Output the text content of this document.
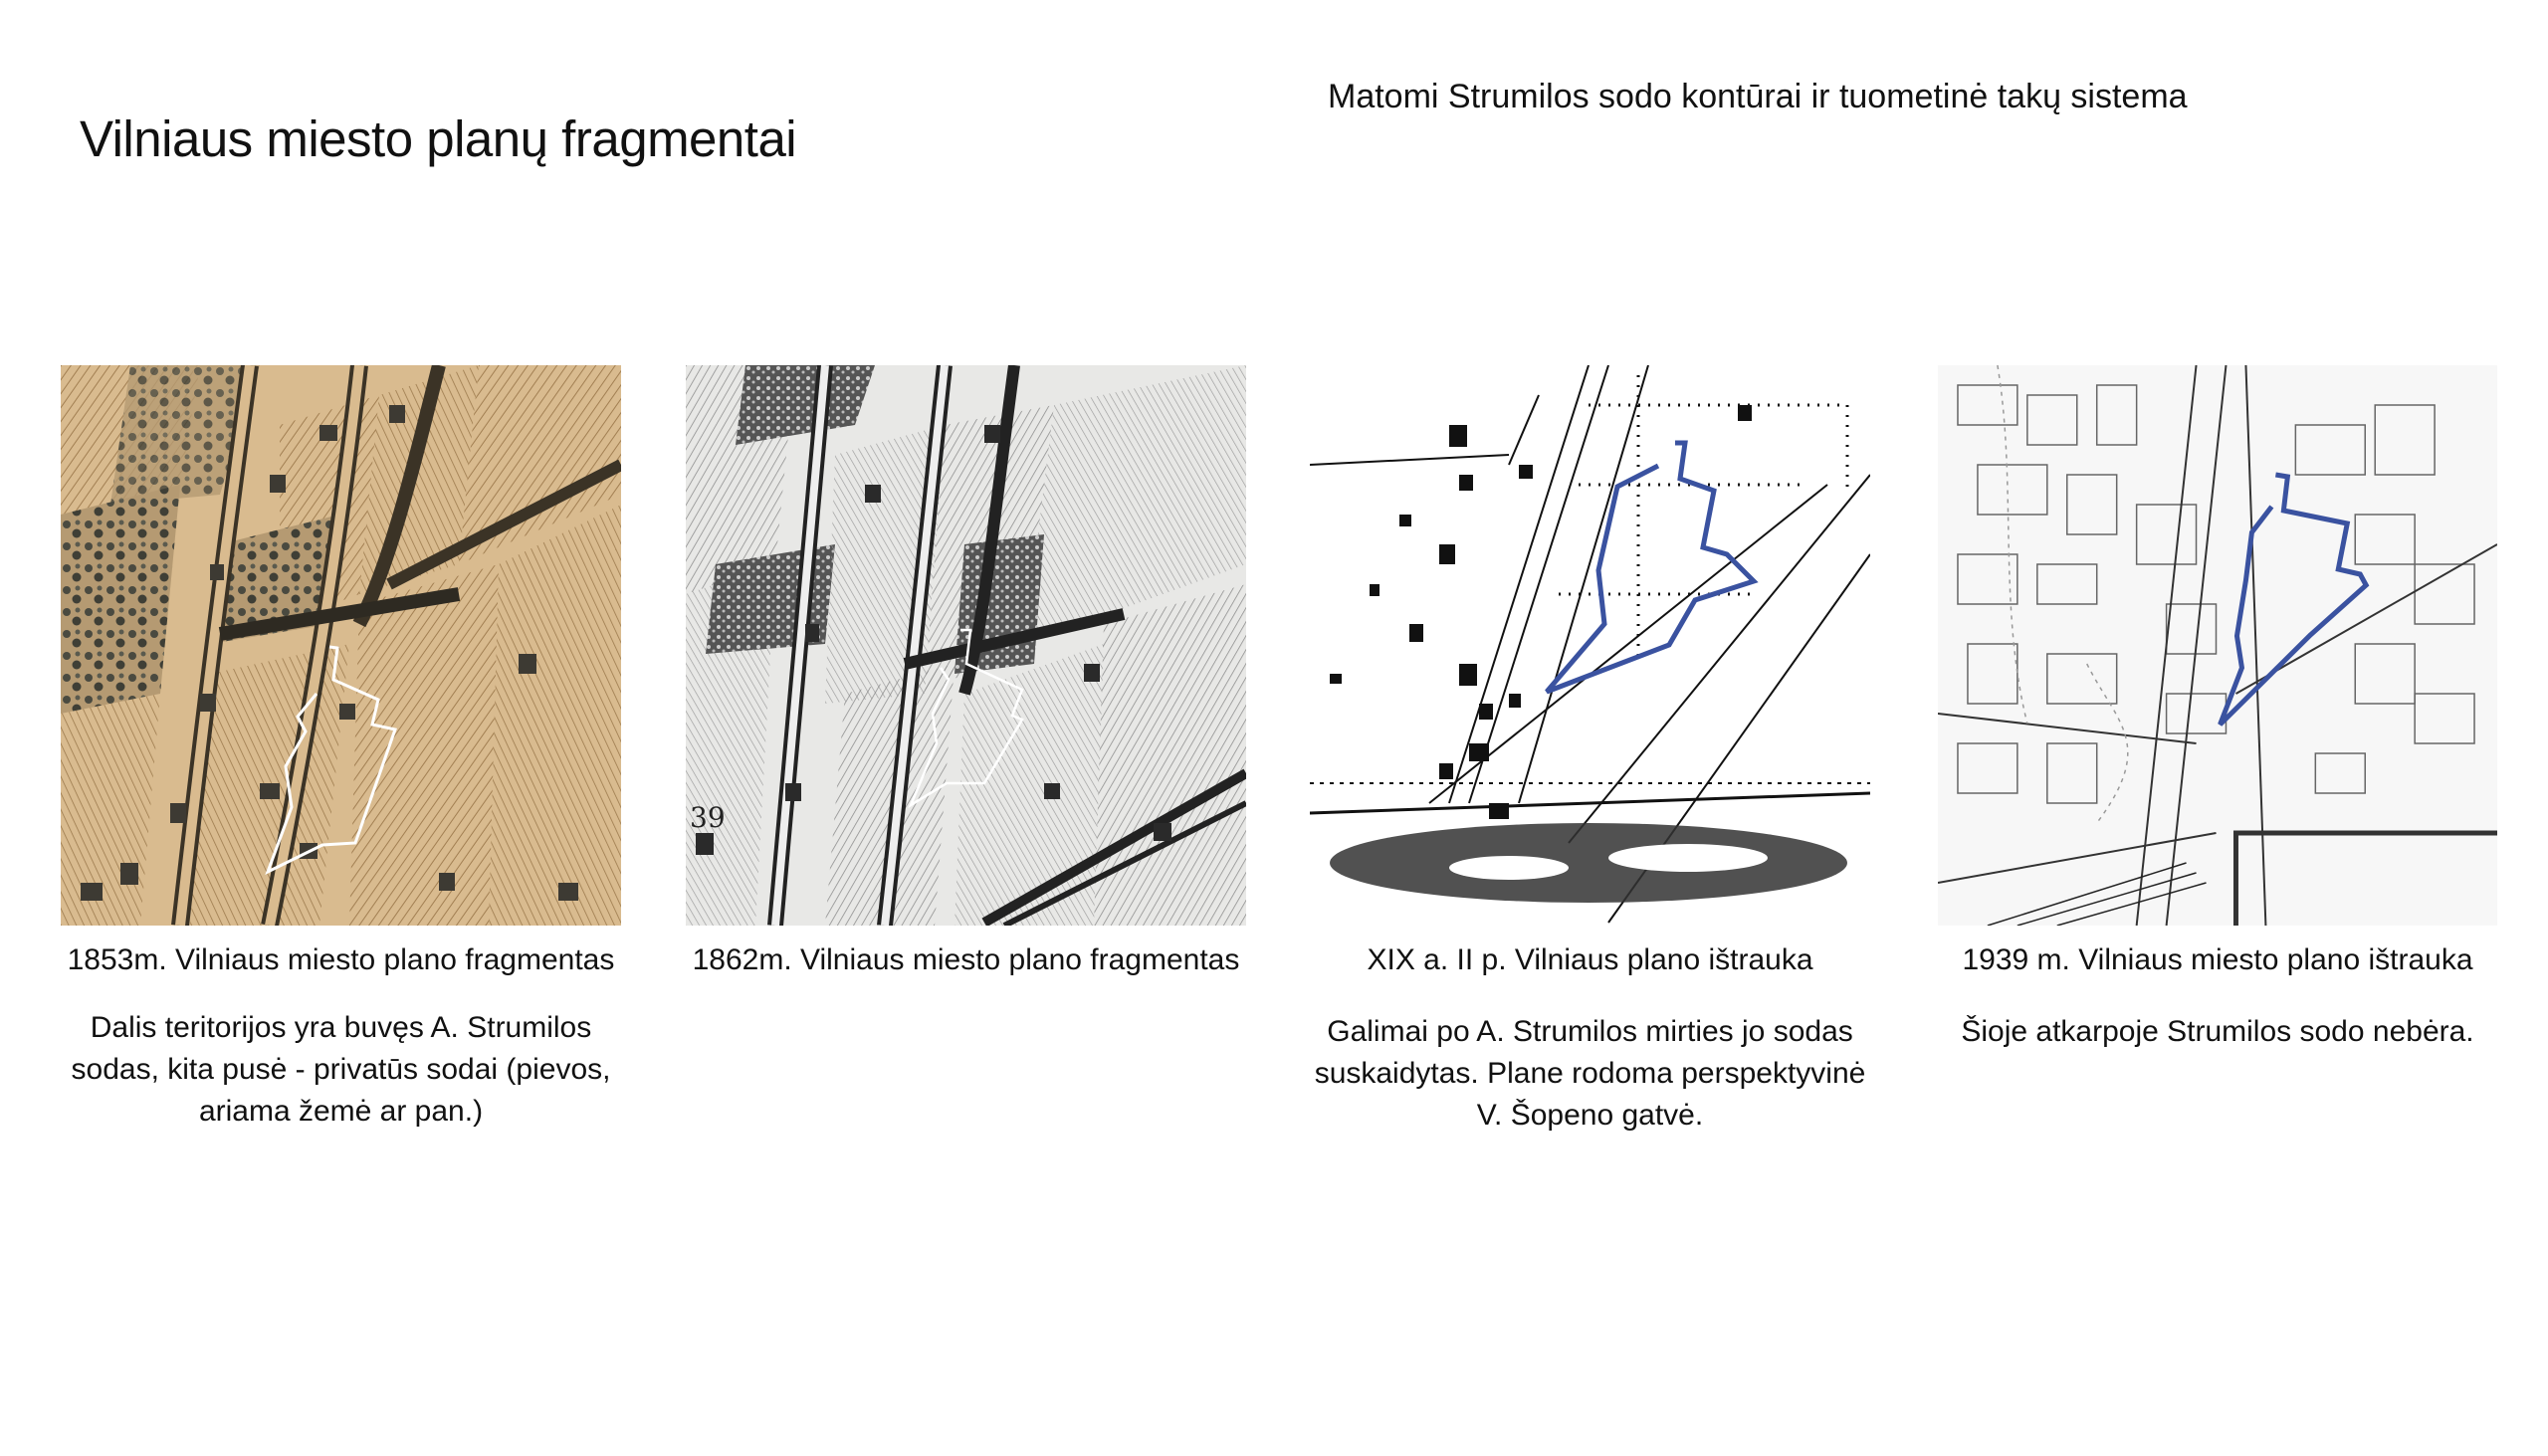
Vilniaus miesto planų fragmentai
Matomi Strumilos sodo kontūrai ir tuometinė takų sistema
1853m. Vilniaus miesto plano fragmentas
Dalis teritorijos yra buvęs A. Strumilos sodas, kita pusė - privatūs sodai (pievos, ariama žemė ar pan.)
39
1862m. Vilniaus miesto plano fragmentas	XIX a. II p. Vilniaus plano ištrauka
Galimai po A. Strumilos mirties jo sodas suskaidytas. Plane rodoma perspektyvinė V. Šopeno gatvė.
1939 m. Vilniaus miesto plano ištrauka
Šioje atkarpoje Strumilos sodo nebėra.
